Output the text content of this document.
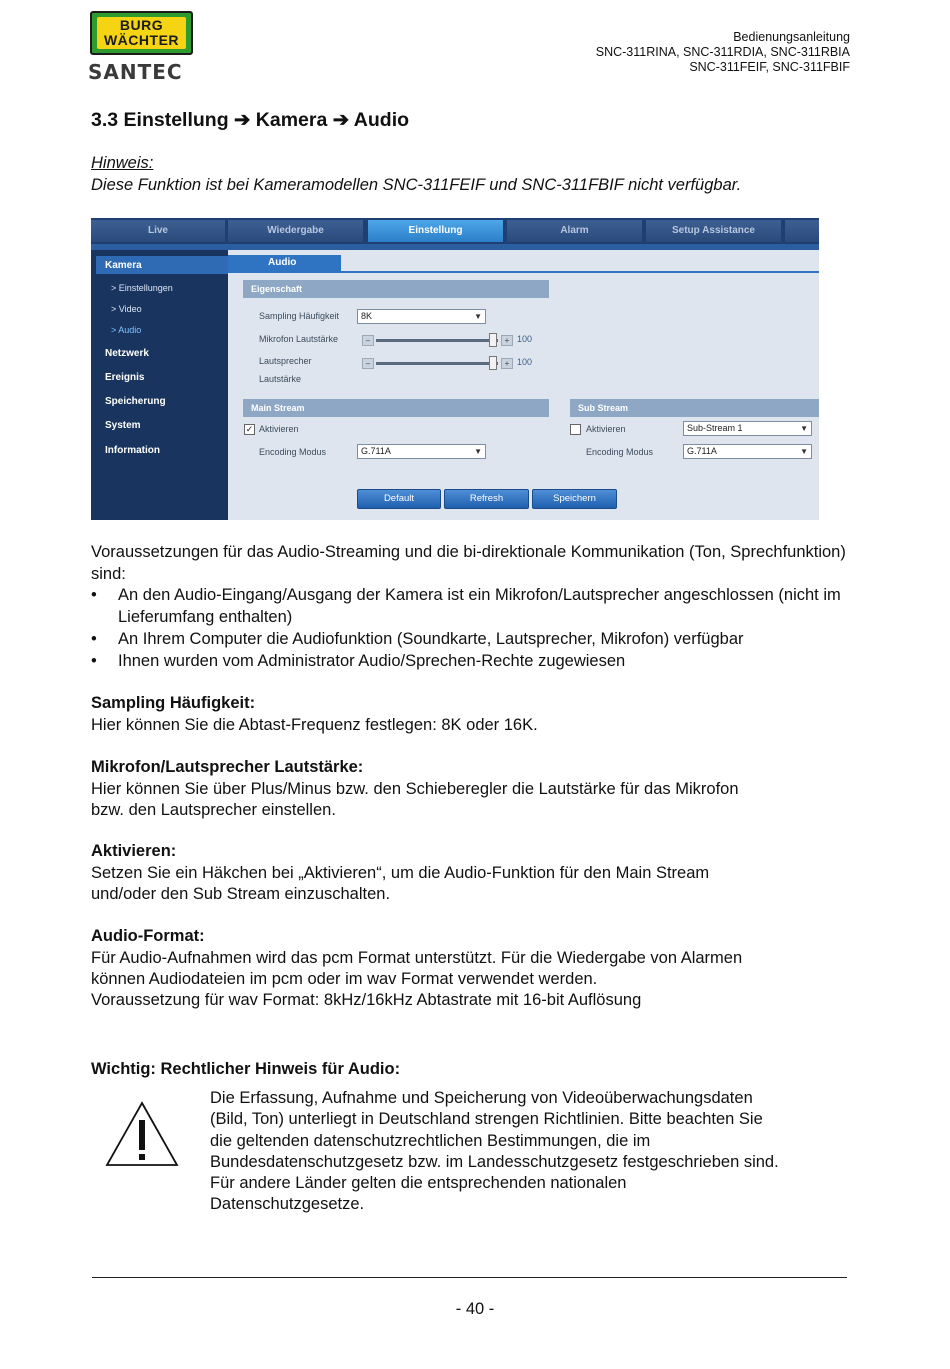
BURG
WÄCHTER
SANTEC
Bedienungsanleitung
SNC-311RINA, SNC-311RDIA, SNC-311RBIA
SNC-311FEIF, SNC-311FBIF
3.3 Einstellung ➔ Kamera ➔ Audio
Hinweis:
Diese Funktion ist bei Kameramodellen SNC-311FEIF und SNC-311FBIF nicht verfügbar.
Live	Wiedergabe	Einstellung	Alarm	Setup Assistance
Kamera
> Einstellungen
> Video
> Audio
Netzwerk
Ereignis
Speicherung
System
Information
Audio
Eigenschaft
Sampling Häufigkeit	8K	▼
Mikrofon Lautstärke	–	+ 100
Lautsprecher
Lautstärke
–	+ 100
Main Stream
✓ Aktivieren
Encoding Modus	G.711A	▼
Sub Stream
Aktivieren	Sub-Stream 1	▼
Encoding Modus	G.711A	▼
Default	Refresh	Speichern
Voraussetzungen für das Audio-Streaming und die bi-direktionale Kommunikation (Ton, Sprechfunktion) sind:
• An den Audio-Eingang/Ausgang der Kamera ist ein Mikrofon/Lautsprecher angeschlossen (nicht im Lieferumfang enthalten)
• An Ihrem Computer die Audiofunktion (Soundkarte, Lautsprecher, Mikrofon) verfügbar
• Ihnen wurden vom Administrator Audio/Sprechen-Rechte zugewiesen
Sampling Häufigkeit:
Hier können Sie die Abtast-Frequenz festlegen: 8K oder 16K.
Mikrofon/Lautsprecher Lautstärke:
Hier können Sie über Plus/Minus bzw. den Schieberegler die Lautstärke für das Mikrofon
bzw. den Lautsprecher einstellen.
Aktivieren:
Setzen Sie ein Häkchen bei „Aktivieren“, um die Audio-Funktion für den Main Stream
und/oder den Sub Stream einzuschalten.
Audio-Format:
Für Audio-Aufnahmen wird das pcm Format unterstützt. Für die Wiedergabe von Alarmen
können Audiodateien im pcm oder im wav Format verwendet werden.
Voraussetzung für wav Format: 8kHz/16kHz Abtastrate mit 16-bit Auflösung
Wichtig: Rechtlicher Hinweis für Audio:
Die Erfassung, Aufnahme und Speicherung von Videoüberwachungsdaten
(Bild, Ton) unterliegt in Deutschland strengen Richtlinien. Bitte beachten Sie
die geltenden datenschutzrechtlichen Bestimmungen, die im
Bundesdatenschutzgesetz bzw. im Landesschutzgesetz festgeschrieben sind.
Für andere Länder gelten die entsprechenden nationalen
Datenschutzgesetze.
- 40 -
